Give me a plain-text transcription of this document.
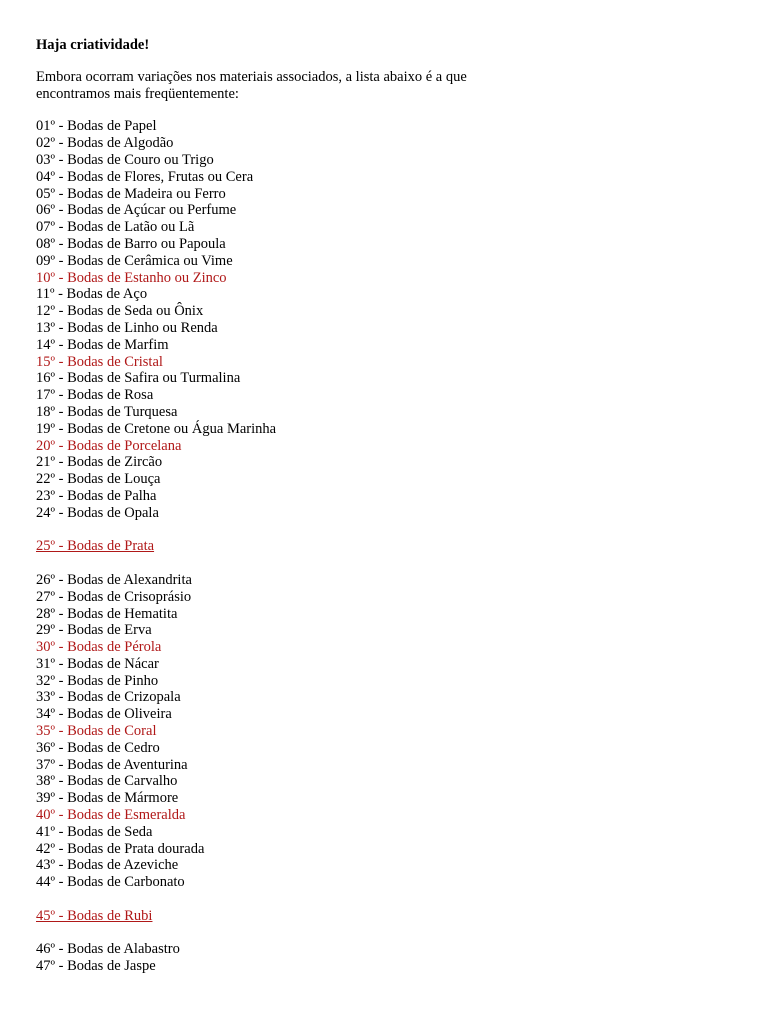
Haja criatividade!

Embora ocorram variações nos materiais associados, a lista abaixo é a que
encontramos mais freqüentemente:

01º - Bodas de Papel
02º - Bodas de Algodão
03º - Bodas de Couro ou Trigo
04º - Bodas de Flores, Frutas ou Cera
05º - Bodas de Madeira ou Ferro
06º - Bodas de Açúcar ou Perfume
07º - Bodas de Latão ou Lã
08º - Bodas de Barro ou Papoula
09º - Bodas de Cerâmica ou Vime
10º - Bodas de Estanho ou Zinco
11º - Bodas de Aço
12º - Bodas de Seda ou Ônix
13º - Bodas de Linho ou Renda
14º - Bodas de Marfim
15º - Bodas de Cristal
16º - Bodas de Safira ou Turmalina
17º - Bodas de Rosa
18º - Bodas de Turquesa
19º - Bodas de Cretone ou Água Marinha
20º - Bodas de Porcelana
21º - Bodas de Zircão
22º - Bodas de Louça
23º - Bodas de Palha
24º - Bodas de Opala
25º - Bodas de Prata
26º - Bodas de Alexandrita
27º - Bodas de Crisoprásio
28º - Bodas de Hematita
29º - Bodas de Erva
30º - Bodas de Pérola
31º - Bodas de Nácar
32º - Bodas de Pinho
33º - Bodas de Crizopala
34º - Bodas de Oliveira
35º - Bodas de Coral
36º - Bodas de Cedro
37º - Bodas de Aventurina
38º - Bodas de Carvalho
39º - Bodas de Mármore
40º - Bodas de Esmeralda
41º - Bodas de Seda
42º - Bodas de Prata dourada
43º - Bodas de Azeviche
44º - Bodas de Carbonato
45º - Bodas de Rubi
46º - Bodas de Alabastro
47º - Bodas de Jaspe
